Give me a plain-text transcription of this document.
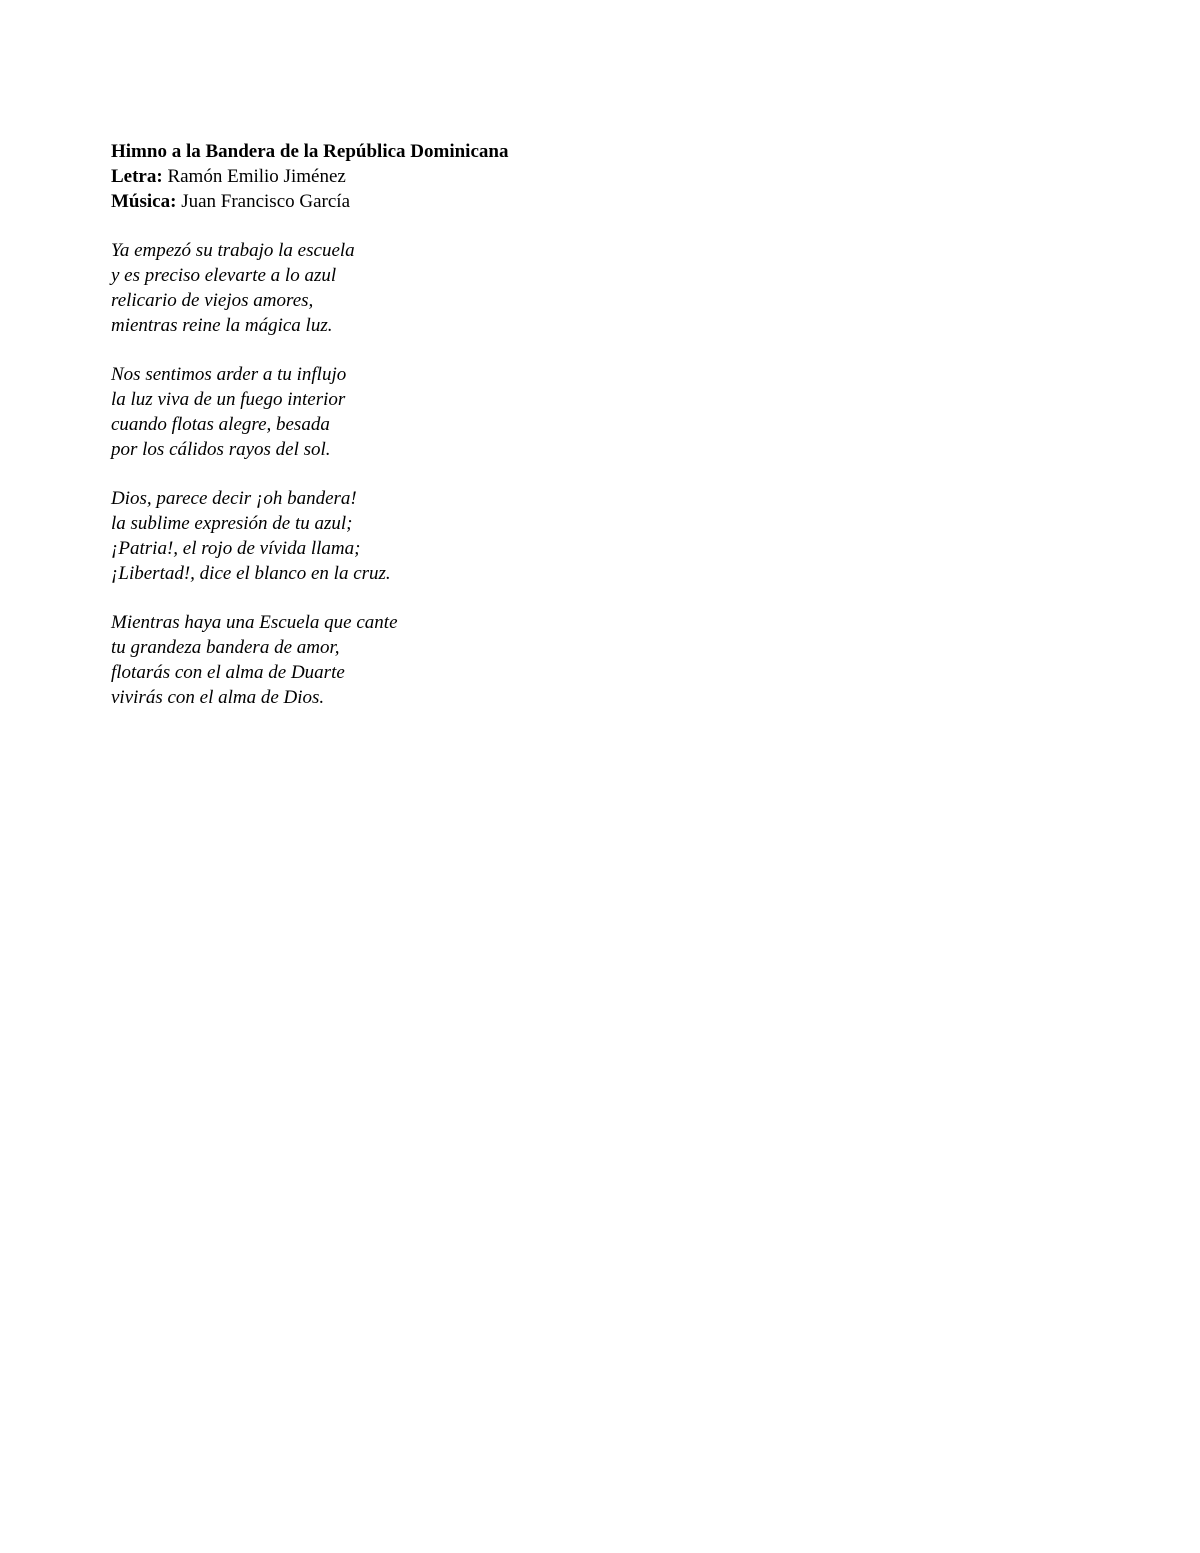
Himno a la Bandera de la República Dominicana
Letra: Ramón Emilio Jiménez
Música: Juan Francisco García
Ya empezó su trabajo la escuela
y es preciso elevarte a lo azul
relicario de viejos amores,
mientras reine la mágica luz.
Nos sentimos arder a tu influjo
la luz viva de un fuego interior
cuando flotas alegre, besada
por los cálidos rayos del sol.
Dios, parece decir ¡oh bandera!
la sublime expresión de tu azul;
¡Patria!, el rojo de vívida llama;
¡Libertad!, dice el blanco en la cruz.
Mientras haya una Escuela que cante
tu grandeza bandera de amor,
flotarás con el alma de Duarte
vivirás con el alma de Dios.
